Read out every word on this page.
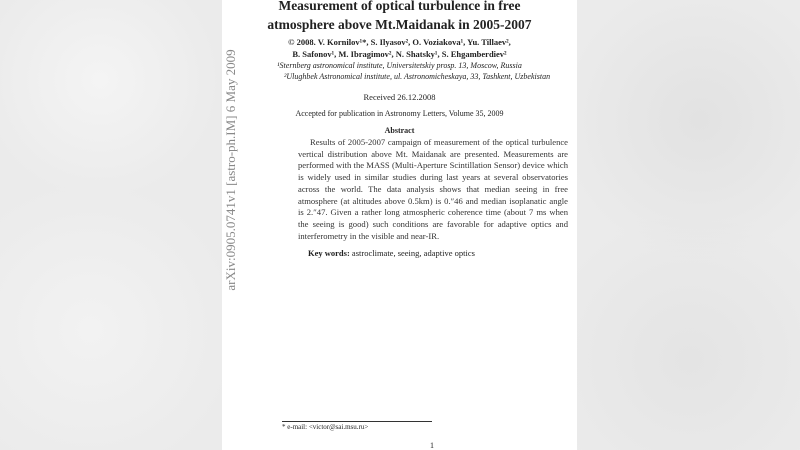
Measurement of optical turbulence in free
atmosphere above Mt.Maidanak in 2005-2007
© 2008. V. Kornilov¹*, S. Ilyasov², O. Voziakova¹, Yu. Tillaev²,
B. Safonov¹, M. Ibragimov², N. Shatsky¹, S. Ehgamberdiev²
¹Sternberg astronomical institute, Universitetskiy prosp. 13, Moscow, Russia
²Ulughbek Astronomical institute, ul. Astronomicheskaya, 33, Tashkent, Uzbekistan
Received 26.12.2008
Accepted for publication in Astronomy Letters, Volume 35, 2009
Abstract
Results of 2005-2007 campaign of measurement of the optical turbulence vertical distribution above Mt. Maidanak are presented. Measurements are performed with the MASS (Multi-Aperture Scintillation Sensor) device which is widely used in similar studies during last years at several observatories across the world. The data analysis shows that median seeing in free atmosphere (at altitudes above 0.5km) is 0.″46 and median isoplanatic angle is 2.″47. Given a rather long atmospheric coherence time (about 7 ms when the seeing is good) such conditions are favorable for adaptive optics and interferometry in the visible and near-IR.
Key words: astroclimate, seeing, adaptive optics
* e-mail: <victor@sai.msu.ru>
1
arXiv:0905.0741v1 [astro-ph.IM] 6 May 2009
